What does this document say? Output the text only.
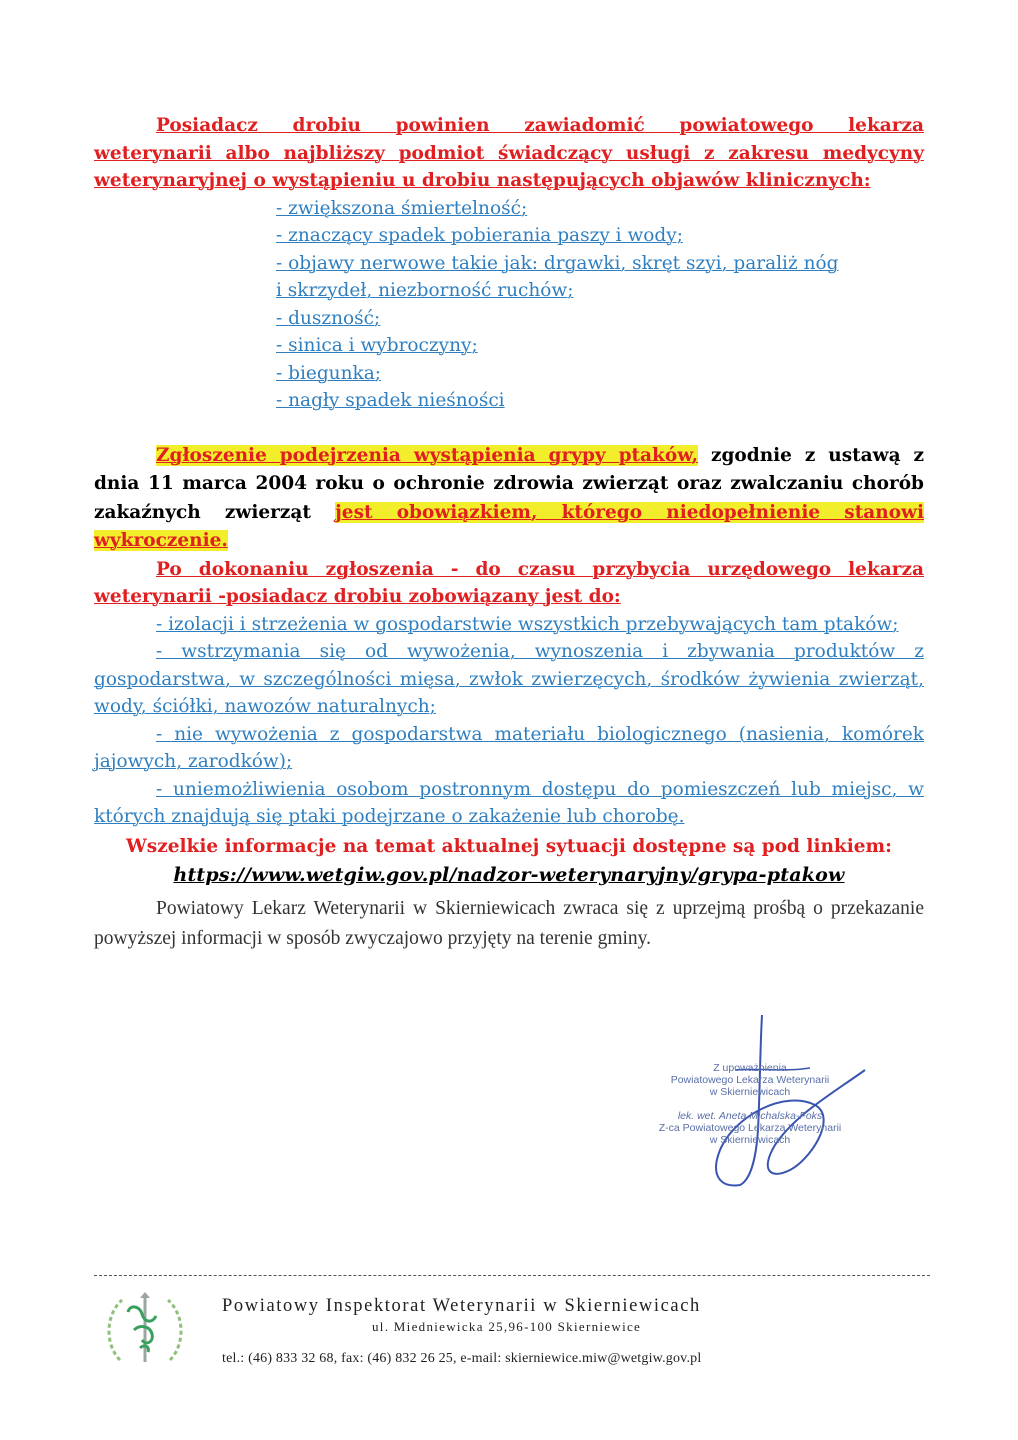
Posiadacz drobiu powinien zawiadomić powiatowego lekarza

weterynarii albo najbliższy podmiot świadczący usługi z zakresu medycyny

weterynaryjnej o wystąpieniu u drobiu następujących objawów klinicznych:

- zwiększona śmiertelność;

- znaczący spadek pobierania paszy i wody;

- objawy nerwowe takie jak: drgawki, skręt szyi, paraliż nóg

i skrzydeł, niezborność ruchów;

- duszność;

- sinica i wybroczyny;

- biegunka;

- nagły spadek nieśności

Zgłoszenie podejrzenia wystąpienia grypy ptaków, zgodnie z ustawą z dnia 11 marca 2004 roku o ochronie zdrowia zwierząt oraz zwalczaniu chorób zakaźnych zwierząt jest obowiązkiem, którego niedopełnienie stanowi wykroczenie.

Po dokonaniu zgłoszenia - do czasu przybycia urzędowego lekarza

weterynarii -posiadacz drobiu zobowiązany jest do:

- izolacji i strzeżenia w gospodarstwie wszystkich przebywających tam ptaków;

- wstrzymania się od wywożenia, wynoszenia i zbywania produktów z gospodarstwa, w szczególności mięsa, zwłok zwierzęcych, środków żywienia zwierząt, wody, ściółki, nawozów naturalnych;

- nie wywożenia z gospodarstwa materiału biologicznego (nasienia, komórek jajowych, zarodków);

- uniemożliwienia osobom postronnym dostępu do pomieszczeń lub miejsc, w których znajdują się ptaki podejrzane o zakażenie lub chorobę.

Wszelkie informacje na temat aktualnej sytuacji dostępne są pod linkiem:

https://www.wetgiw.gov.pl/nadzor-weterynaryjny/grypa-ptakow

Powiatowy Lekarz Weterynarii w Skierniewicach zwraca się z uprzejmą prośbą o przekazanie powyższej informacji w sposób zwyczajowo przyjęty na terenie gminy.

Z upoważnienia
Powiatowego Lekarza Weterynarii
w Skierniewicach
lek. wet. Aneta Michalska-Foks
Z-ca Powiatowego Lekarza Weterynarii
w Skierniewicach
Powiatowy Inspektorat Weterynarii w Skierniewicach
ul. Miedniewicka 25,96-100 Skierniewice
tel.: (46) 833 32 68, fax: (46) 832 26 25, e-mail: skierniewice.miw@wetgiw.gov.pl
